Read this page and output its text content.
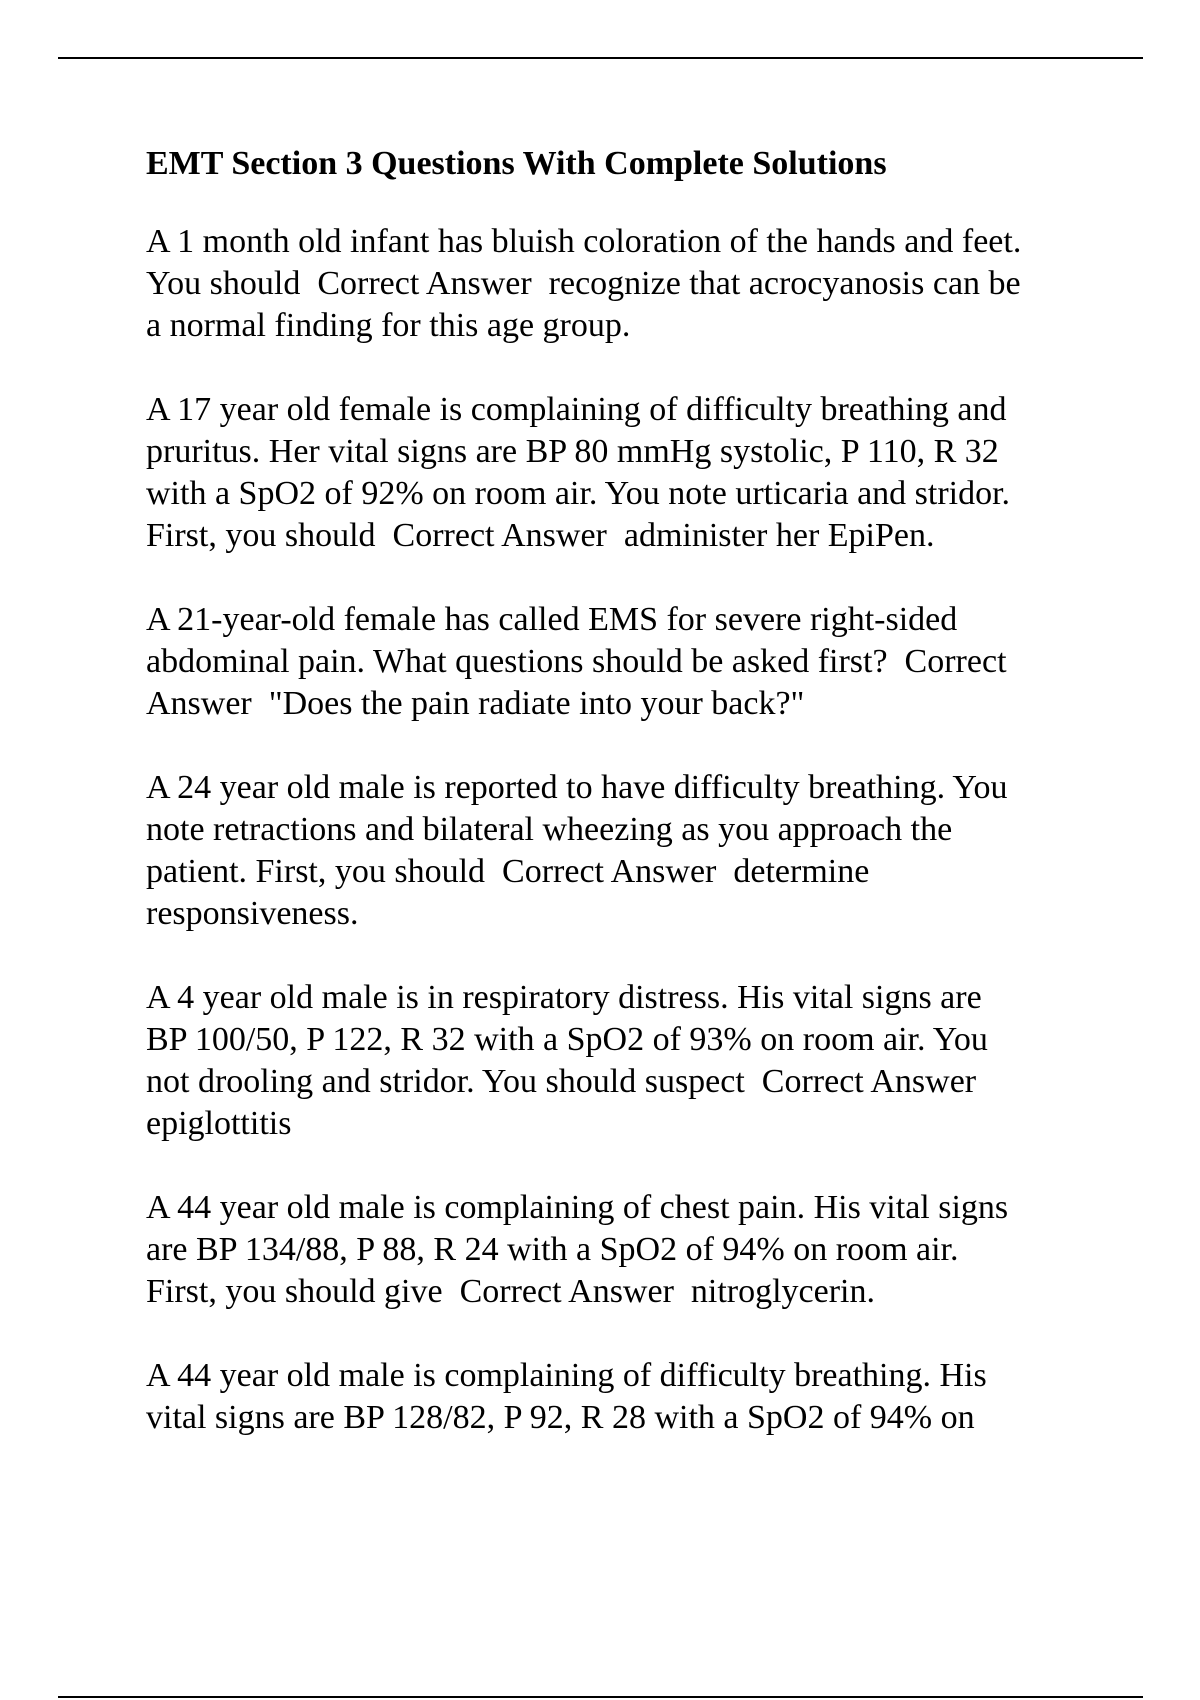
EMT Section 3 Questions With Complete Solutions
A 1 month old infant has bluish coloration of the hands and feet.
You should  Correct Answer  recognize that acrocyanosis can be
a normal finding for this age group.
A 17 year old female is complaining of difficulty breathing and
pruritus. Her vital signs are BP 80 mmHg systolic, P 110, R 32
with a SpO2 of 92% on room air. You note urticaria and stridor.
First, you should  Correct Answer  administer her EpiPen.
A 21-year-old female has called EMS for severe right-sided
abdominal pain. What questions should be asked first?  Correct
Answer  "Does the pain radiate into your back?"
A 24 year old male is reported to have difficulty breathing. You
note retractions and bilateral wheezing as you approach the
patient. First, you should  Correct Answer  determine
responsiveness.
A 4 year old male is in respiratory distress. His vital signs are
BP 100/50, P 122, R 32 with a SpO2 of 93% on room air. You
not drooling and stridor. You should suspect  Correct Answer
epiglottitis
A 44 year old male is complaining of chest pain. His vital signs
are BP 134/88, P 88, R 24 with a SpO2 of 94% on room air.
First, you should give  Correct Answer  nitroglycerin.
A 44 year old male is complaining of difficulty breathing. His
vital signs are BP 128/82, P 92, R 28 with a SpO2 of 94% on
